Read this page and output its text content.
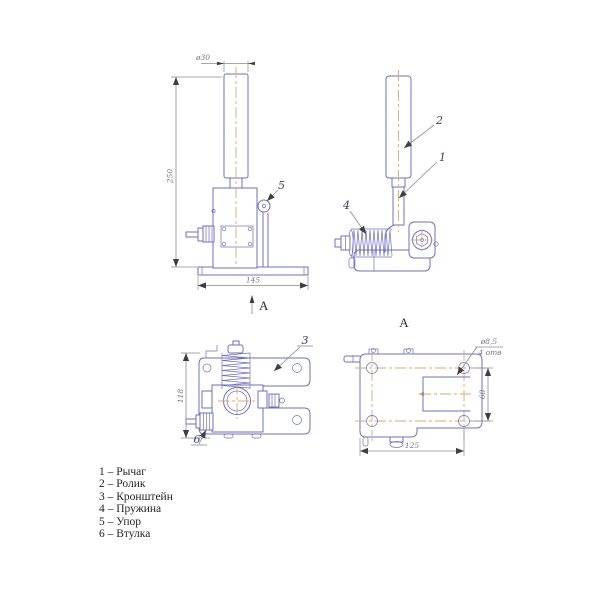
ø30
250
145
А
5
2
1
4
118
3
6
А
ø8,5
4 отв
68
125
1 – Рычаг
2 – Ролик
3 – Кронштейн
4 – Пружина
5 – Упор
6 – Втулка
